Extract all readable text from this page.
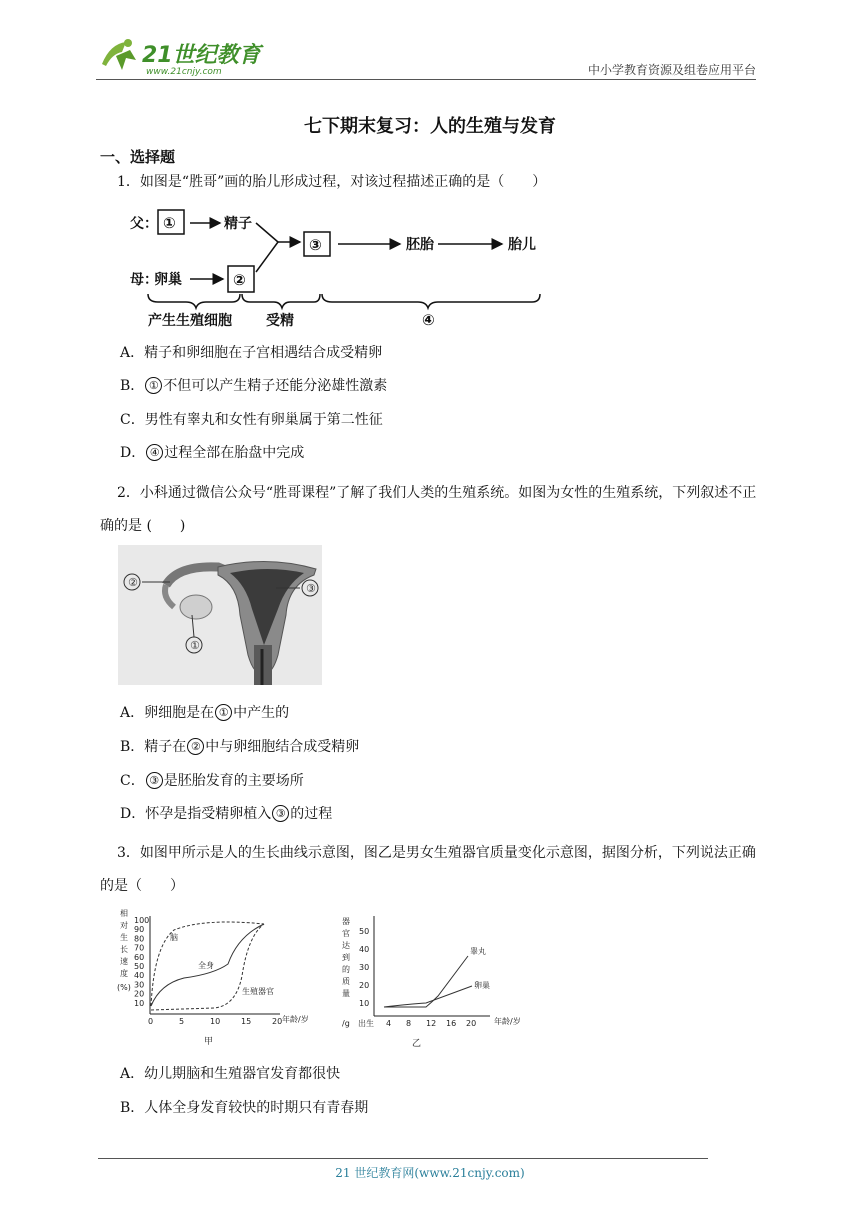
21世纪教育
www.21cnjy.com	中小学教育资源及组卷应用平台
七下期末复习：人的生殖与发育
一、选择题
1．如图是“胜哥”画的胎儿形成过程，对该过程描述正确的是（　　）
父： ①	精子
母：
卵巢	②
③	胚胎	胎儿
产生生殖细胞 受精	④
A．精子和卵细胞在子宫相遇结合成受精卵
B． ① 不但可以产生精子还能分泌雄性激素
C．男性有睾丸和女性有卵巢属于第二性征
D． ④ 过程全部在胎盘中完成
2．小科通过微信公众号“胜哥课程”了解了我们人类的生殖系统。如图为女性的生殖系统，下列叙述不正确的是 (　　)
②
①
③
A．卵细胞是在 ① 中产生的
B．精子在 ② 中与卵细胞结合成受精卵
C． ③ 是胚胎发育的主要场所
D．怀孕是指受精卵植入 ③ 的过程
3．如图甲所示是人的生长曲线示意图，图乙是男女生殖器官质量变化示意图，据图分析，下列说法正确的是（　　）
相
对
生
长
速
度
(%)
100
90
80
70
60
50
40
30
20
10
0	5	10	15	20 年龄/岁
脑
全身
生殖器官
甲
器
官
达
到
的
质
量
/g
50
40
30
20
10
出生 4 8 12 16 20 年龄/岁
睾丸
卵巢
乙
A．幼儿期脑和生殖器官发育都很快
B．人体全身发育较快的时期只有青春期
21 世纪教育网(www.21cnjy.com)
